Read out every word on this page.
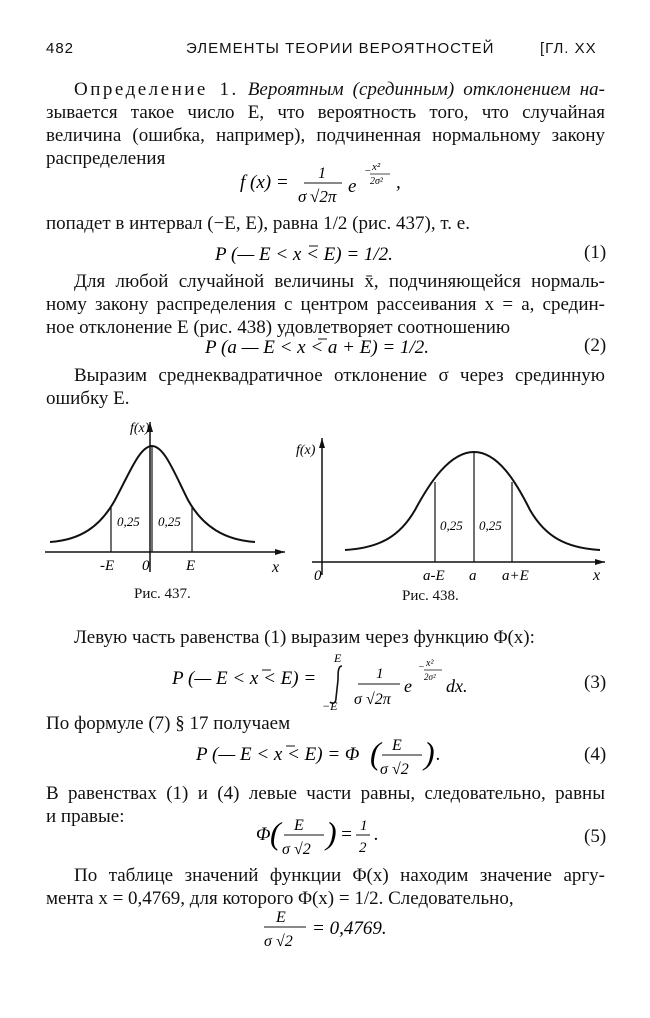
482	ЭЛЕМЕНТЫ ТЕОРИИ ВЕРОЯТНОСТЕЙ	[ГЛ. XX
Определение 1. Вероятным (срединным) отклонением на-
зывается такое число E, что вероятность того, что случайная
величина (ошибка, например), подчиненная нормальному закону
распределения
f (x) = 1
σ √2π e
− x²
2σ² ,
попадет в интервал (−E, E), равна 1/2 (рис. 437), т. е.
P (— E < x < E) = 1/2.	(1)
Для любой случайной величины x̄, подчиняющейся нормаль-
ному закону распределения с центром рассеивания x = a, средин-
ное отклонение E (рис. 438) удовлетворяет соотношению
P (a — E < x < a + E) = 1/2.	(2)
Выразим среднеквадратичное отклонение σ через срединную
ошибку E.
f(x)
x
0,25 0,25
-E 0 E
Рис. 437.
f(x)
x
0
0,25 0,25
a-E a a+E
Рис. 438.
Левую часть равенства (1) выразим через функцию Φ(x):
P (— E < x < E) =
E
−E
1
σ √2π
e
− x²
2σ² dx.	(3)
По формуле (7) § 17 получаем
P (— E < x < E) = Φ ( E
σ √2 ) .	(4)
В равенствах (1) и (4) левые части равны, следовательно, равны
и правые:
Φ ( E
σ √2 ) = 1
2
.	(5)
По таблице значений функции Φ(x) находим значение аргу-
мента x = 0,4769, для которого Φ(x) = 1/2. Следовательно,
E
σ √2
= 0,4769.
